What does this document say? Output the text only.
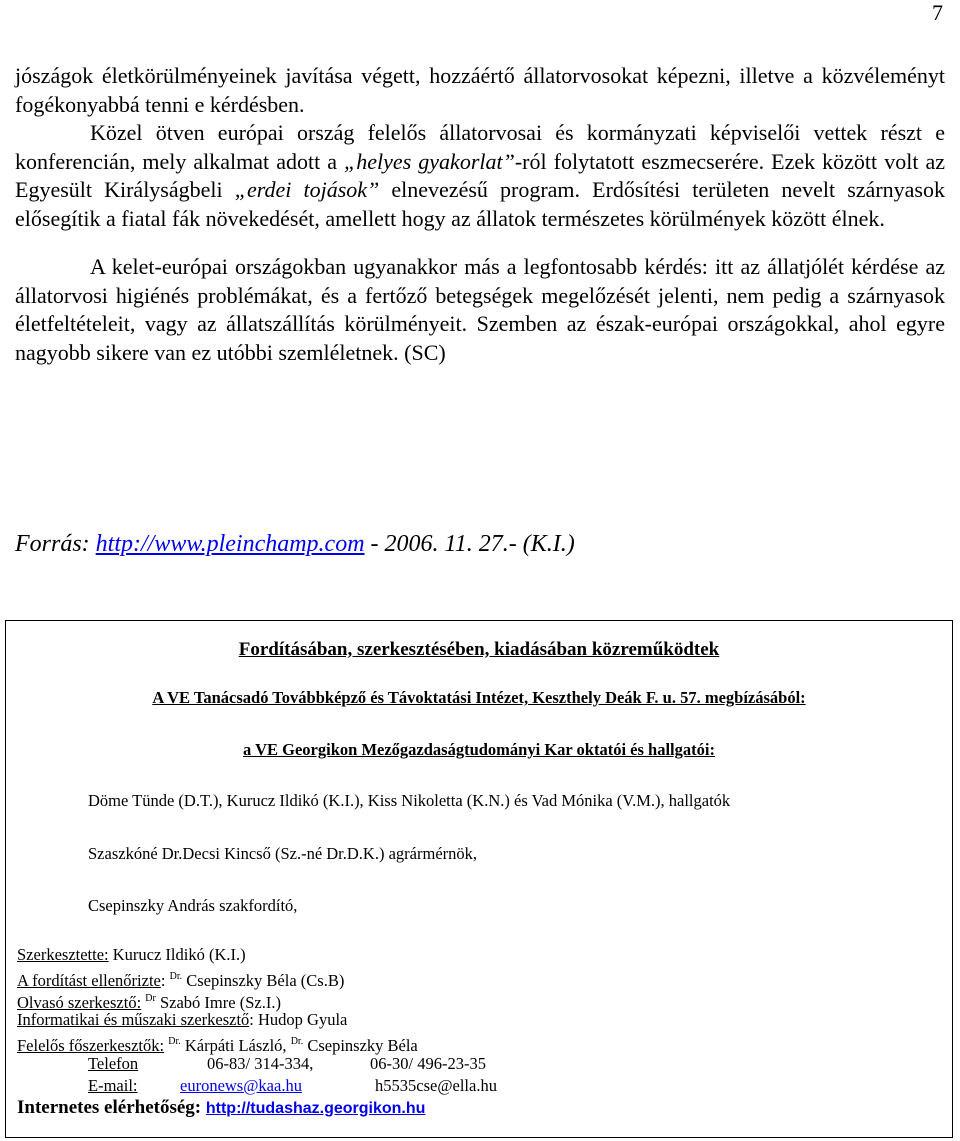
7

jószágok életkörülményeinek javítása végett, hozzáértő állatorvosokat képezni, illetve a közvéleményt fogékonyabbá tenni e kérdésben.

Közel ötven európai ország felelős állatorvosai és kormányzati képviselői vettek részt e konferencián, mely alkalmat adott a „helyes gyakorlat”-ról folytatott eszmecserére. Ezek között volt az Egyesült Királyságbeli „erdei tojások” elnevezésű program. Erdősítési területen nevelt szárnyasok elősegítik a fiatal fák növekedését, amellett hogy az állatok természetes körülmények között élnek.

A kelet-európai országokban ugyanakkor más a legfontosabb kérdés: itt az állatjólét kérdése az állatorvosi higiénés problémákat, és a fertőző betegségek megelőzését jelenti, nem pedig a szárnyasok életfeltételeit, vagy az állatszállítás körülményeit. Szemben az észak-európai országokkal, ahol egyre nagyobb sikere van ez utóbbi szemléletnek. (SC)

Forrás: http://www.pleinchamp.com - 2006. 11. 27.- (K.I.)
Fordításában, szerkesztésében, kiadásában közreműködtek
A VE Tanácsadó Továbbképző és Távoktatási Intézet, Keszthely Deák F. u. 57. megbízásából:
a VE Georgikon Mezőgazdaságtudományi Kar oktatói és hallgatói:
Döme Tünde (D.T.), Kurucz Ildikó (K.I.), Kiss Nikoletta (K.N.) és Vad Mónika (V.M.), hallgatók
Szaszkóné Dr.Decsi Kincső (Sz.-né Dr.D.K.) agrármérnök,
Csepinszky András szakfordító,
Szerkesztette: Kurucz Ildikó (K.I.)
A fordítást ellenőrizte: $^{Dr.}$ Csepinszky Béla (Cs.B)
Olvasó szerkesztő: $^{Dr}$ Szabó Imre (Sz.I.)
Informatikai és műszaki szerkesztő: Hudop Gyula
Felelős főszerkesztők: $^{Dr.}$ Kárpáti László, $^{Dr.}$ Csepinszky Béla
Telefon	06-83/ 314-334,	06-30/ 496-23-35
E-mail:	euronews@kaa.hu	h5535cse@ella.hu
Internetes elérhetőség: http://tudashaz.georgikon.hu
